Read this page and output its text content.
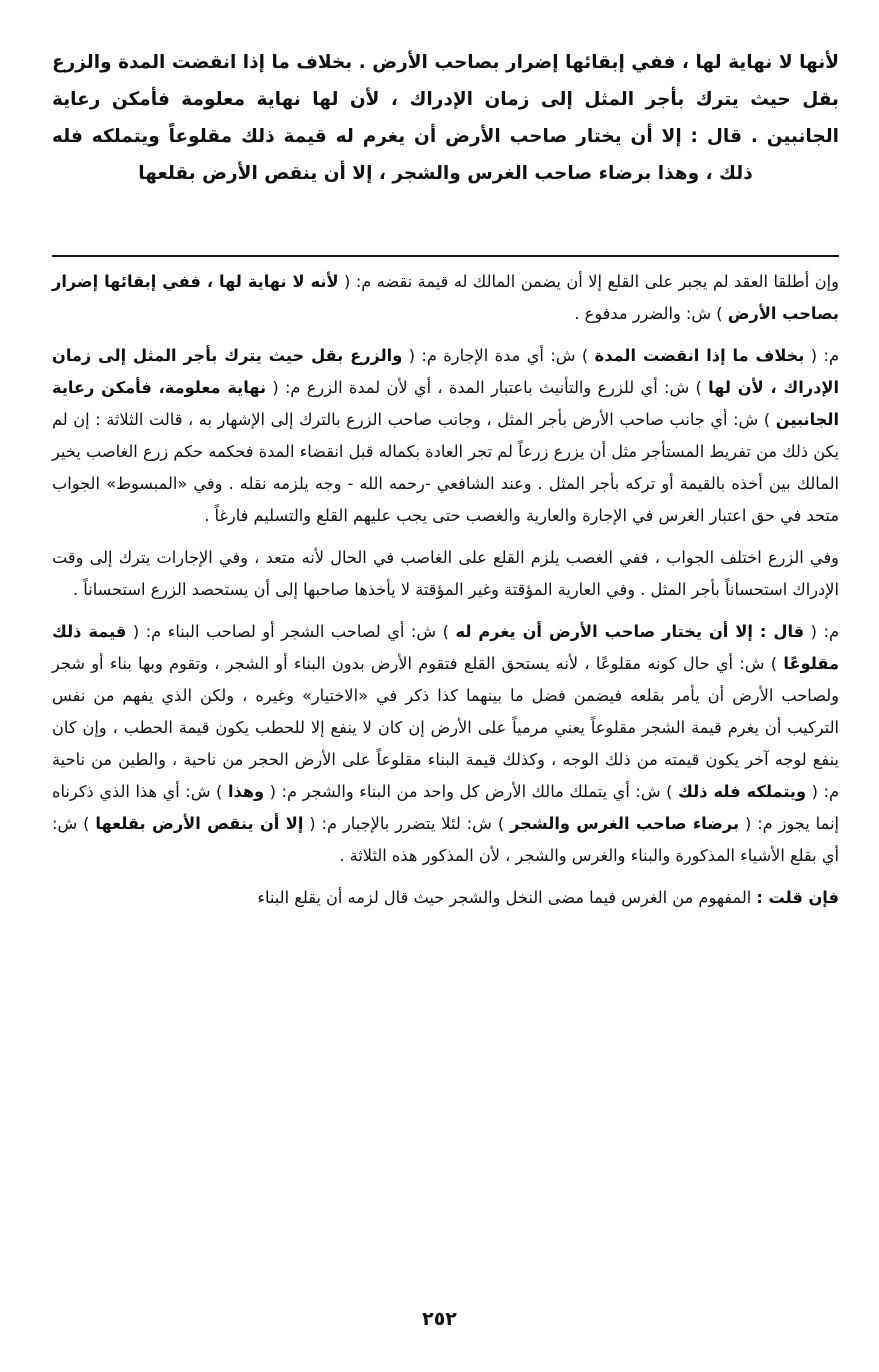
لأنها لا نهاية لها ، ففي إبقائها إضرار بصاحب الأرض . بخلاف ما إذا انقضت المدة والزرع بقل حيث يترك بأجر المثل إلى زمان الإدراك ، لأن لها نهاية معلومة فأمكن رعاية الجانبين . قال : إلا أن يختار صاحب الأرض أن يغرم له قيمة ذلك مقلوعاً ويتملكه فله ذلك ، وهذا برضاء صاحب الغرس والشجر ، إلا أن ينقص الأرض بقلعها

وإن أطلقا العقد لم يجبر على القلع إلا أن يضمن المالك له قيمة نقضه م: ( لأنه لا نهاية لها ، ففي إبقائها إضرار بصاحب الأرض ) ش: والضرر مدفوع .

م: ( بخلاف ما إذا انقضت المدة ) ش: أي مدة الإجارة م: ( والزرع بقل حيث يترك بأجر المثل إلى زمان الإدراك ، لأن لها ) ش: أي للزرع والتأنيث باعتبار المدة ، أي لأن لمدة الزرع م: ( نهاية معلومة، فأمكن رعاية الجانبين ) ش: أي جانب صاحب الأرض بأجر المثل ، وجانب صاحب الزرع بالترك إلى الإشهار به ، قالت الثلاثة : إن لم يكن ذلك من تفريط المستأجر مثل أن يزرع زرعاً لم تجر العادة بكماله قبل انقضاء المدة فحكمه حكم زرع الغاصب يخير المالك بين أخذه بالقيمة أو تركه بأجر المثل . وعند الشافعي -رحمه الله - وجه يلزمه نقله . وفي «المبسوط» الجواب متحد في حق اعتبار الغرس في الإجارة والعارية والغصب حتى يجب عليهم القلع والتسليم فارغاً .

وفي الزرع اختلف الجواب ، ففي الغصب يلزم القلع على الغاصب في الحال لأنه متعد ، وفي الإجارات يترك إلى وقت الإدراك استحساناً بأجر المثل . وفي العارية المؤقتة وغير المؤقتة لا يأخذها صاحبها إلى أن يستحصد الزرع استحساناً .

م: ( قال : إلا أن يختار صاحب الأرض أن يغرم له ) ش: أي لصاحب الشجر أو لصاحب البناء م: ( قيمة ذلك مقلوعًا ) ش: أي حال كونه مقلوعًا ، لأنه يستحق القلع فتقوم الأرض بدون البناء أو الشجر ، وتقوم وبها بناء أو شجر ولصاحب الأرض أن يأمر بقلعه فيضمن فضل ما بينهما كذا ذكر في «الاختيار» وغيره ، ولكن الذي يفهم من نفس التركيب أن يغرم قيمة الشجر مقلوعاً يعني مرمياً على الأرض إن كان لا ينفع إلا للحطب يكون قيمة الحطب ، وإن كان ينفع لوجه آخر يكون قيمته من ذلك الوجه ، وكذلك قيمة البناء مقلوعاً على الأرض الحجر من ناحية ، والطين من ناحية م: ( ويتملكه فله ذلك ) ش: أي يتملك مالك الأرض كل واحد من البناء والشجر م: ( وهذا ) ش: أي هذا الذي ذكرناه إنما يجوز م: ( برضاء صاحب الغرس والشجر ) ش: لئلا يتضرر بالإجبار م: ( إلا أن ينقص الأرض بقلعها ) ش: أي بقلع الأشياء المذكورة والبناء والغرس والشجر ، لأن المذكور هذه الثلاثة .

فإن قلت : المفهوم من الغرس فيما مضى النخل والشجر حيث قال لزمه أن يقلع البناء

٢٥٢
